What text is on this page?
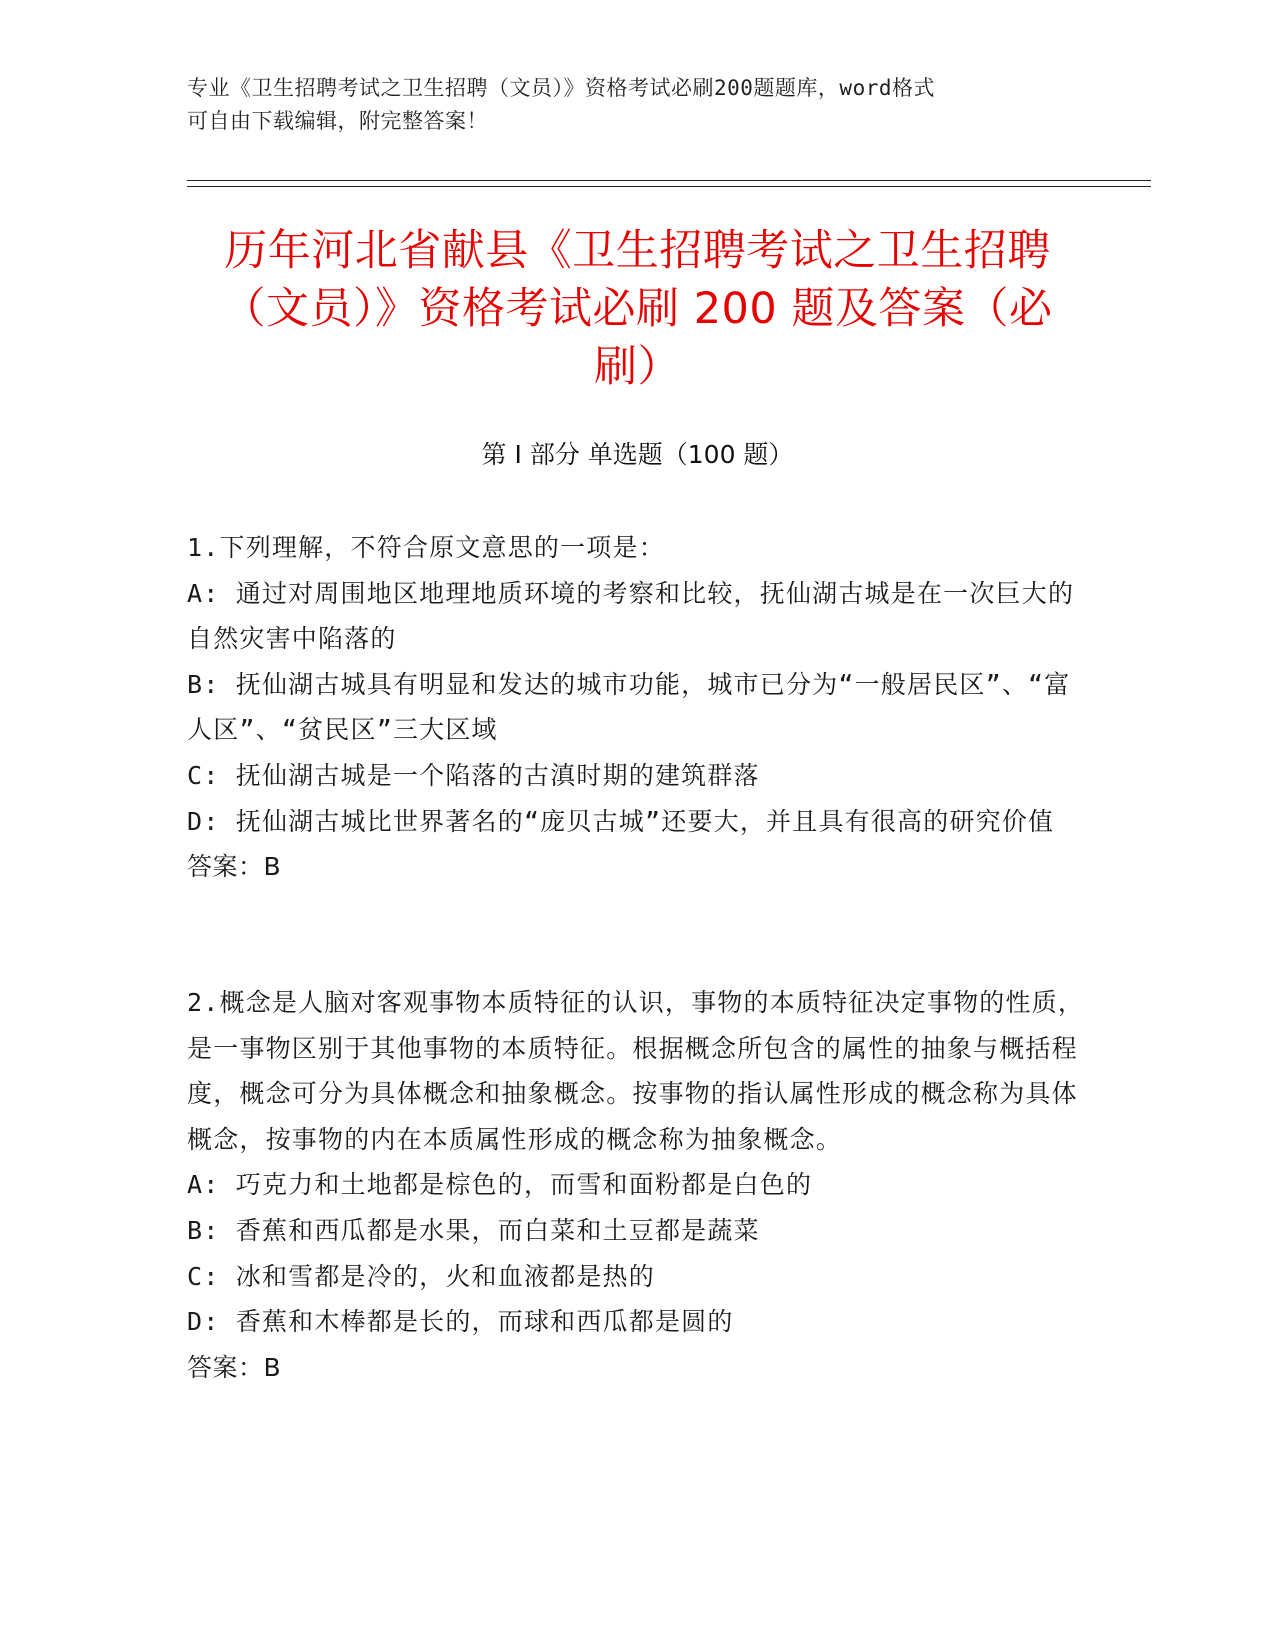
专业《卫生招聘考试之卫生招聘（文员）》资格考试必刷200题题库，word格式
可自由下载编辑，附完整答案！
历年河北省献县《卫生招聘考试之卫生招聘
（文员）》资格考试必刷 200 题及答案（必
刷）
第 I 部分 单选题（100 题）
1.下列理解，不符合原文意思的一项是：
A: 通过对周围地区地理地质环境的考察和比较，抚仙湖古城是在一次巨大的自然灾害中陷落的
B: 抚仙湖古城具有明显和发达的城市功能，城市已分为“一般居民区”、“富人区”、“贫民区”三大区域
C: 抚仙湖古城是一个陷落的古滇时期的建筑群落
D: 抚仙湖古城比世界著名的“庞贝古城”还要大，并且具有很高的研究价值
答案：B
2.概念是人脑对客观事物本质特征的认识，事物的本质特征决定事物的性质，是一事物区别于其他事物的本质特征。根据概念所包含的属性的抽象与概括程度，概念可分为具体概念和抽象概念。按事物的指认属性形成的概念称为具体概念，按事物的内在本质属性形成的概念称为抽象概念。
A: 巧克力和土地都是棕色的，而雪和面粉都是白色的
B: 香蕉和西瓜都是水果，而白菜和土豆都是蔬菜
C: 冰和雪都是冷的，火和血液都是热的
D: 香蕉和木棒都是长的，而球和西瓜都是圆的
答案：B
